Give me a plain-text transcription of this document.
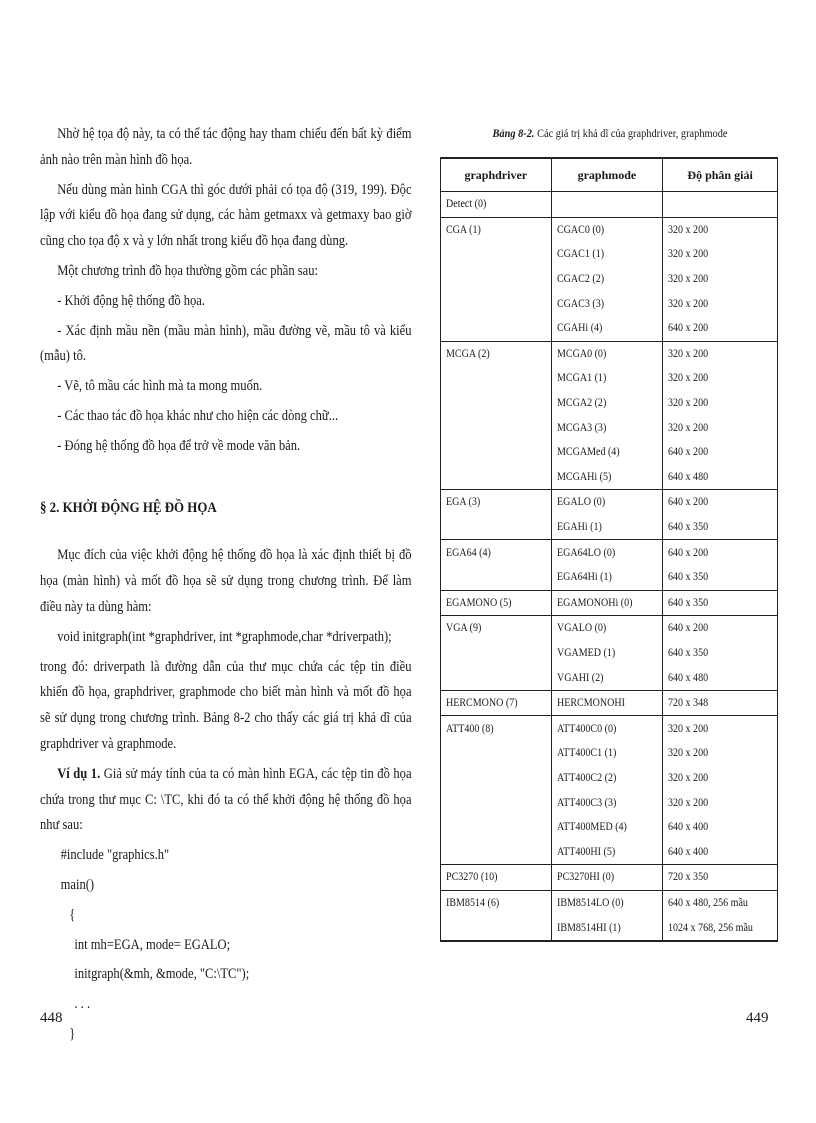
Nhờ hệ tọa độ này, ta có thể tác động hay tham chiếu đến bất kỳ điểm ảnh nào trên màn hình đồ họa.

Nếu dùng màn hình CGA thì góc dưới phải có tọa độ (319, 199). Độc lập với kiểu đồ họa đang sử dụng, các hàm getmaxx và getmaxy bao giờ cũng cho tọa độ x và y lớn nhất trong kiểu đồ họa đang dùng.

Một chương trình đồ họa thường gồm các phần sau:

- Khởi động hệ thống đồ họa.

- Xác định mầu nền (mầu màn hình), mầu đường vẽ, mầu tô và kiểu (mẫu) tô.

- Vẽ, tô mầu các hình mà ta mong muốn.

- Các thao tác đồ họa khác như cho hiện các dòng chữ...

- Đóng hệ thống đồ họa để trở về mode văn bản.

§ 2. KHỞI ĐỘNG HỆ ĐỒ HỌA

Mục đích của việc khởi động hệ thống đồ họa là xác định thiết bị đồ họa (màn hình) và mốt đồ họa sẽ sử dụng trong chương trình. Để làm điều này ta dùng hàm:

void initgraph(int *graphdriver, int *graphmode,char *driverpath);

trong đó: driverpath là đường dẫn của thư mục chứa các tệp tin điều khiển đồ họa, graphdriver, graphmode cho biết màn hình và mốt đồ họa sẽ sử dụng trong chương trình. Bảng 8-2 cho thấy các giá trị khả dĩ của graphdriver và graphmode.

Ví dụ 1. Giả sử máy tính của ta có màn hình EGA, các tệp tin đồ họa chứa trong thư mục C: \TC, khi đó ta có thể khởi động hệ thống đồ họa như sau:

#include "graphics.h"
main()
{
int mh=EGA, mode= EGALO;
initgraph(&mh, &mode, "C:\TC");
. . .
}
448	449
Bảng 8-2. Các giá trị khả dĩ của graphdriver, graphmode
graphdriver	graphmode	Độ phân giải
Detect (0)		
CGA (1)	CGAC0 (0)	320 x 200
	CGAC1 (1)	320 x 200
	CGAC2 (2)	320 x 200
	CGAC3 (3)	320 x 200
	CGAHi (4)	640 x 200
MCGA (2)	MCGA0 (0)	320 x 200
	MCGA1 (1)	320 x 200
	MCGA2 (2)	320 x 200
	MCGA3 (3)	320 x 200
	MCGAMed (4)	640 x 200
	MCGAHi (5)	640 x 480
EGA (3)	EGALO (0)	640 x 200
	EGAHi (1)	640 x 350
EGA64 (4)	EGA64LO (0)	640 x 200
	EGA64Hi (1)	640 x 350
EGAMONO (5)	EGAMONOHi (0)	640 x 350
VGA (9)	VGALO (0)	640 x 200
	VGAMED (1)	640 x 350
	VGAHI (2)	640 x 480
HERCMONO (7)	HERCMONOHI	720 x 348
ATT400 (8)	ATT400C0 (0)	320 x 200
	ATT400C1 (1)	320 x 200
	ATT400C2 (2)	320 x 200
	ATT400C3 (3)	320 x 200
	ATT400MED (4)	640 x 400
	ATT400HI (5)	640 x 400
PC3270 (10)	PC3270HI (0)	720 x 350
IBM8514 (6)	IBM8514LO (0)	640 x 480, 256 mầu
	IBM8514HI (1)	1024 x 768, 256 mầu
